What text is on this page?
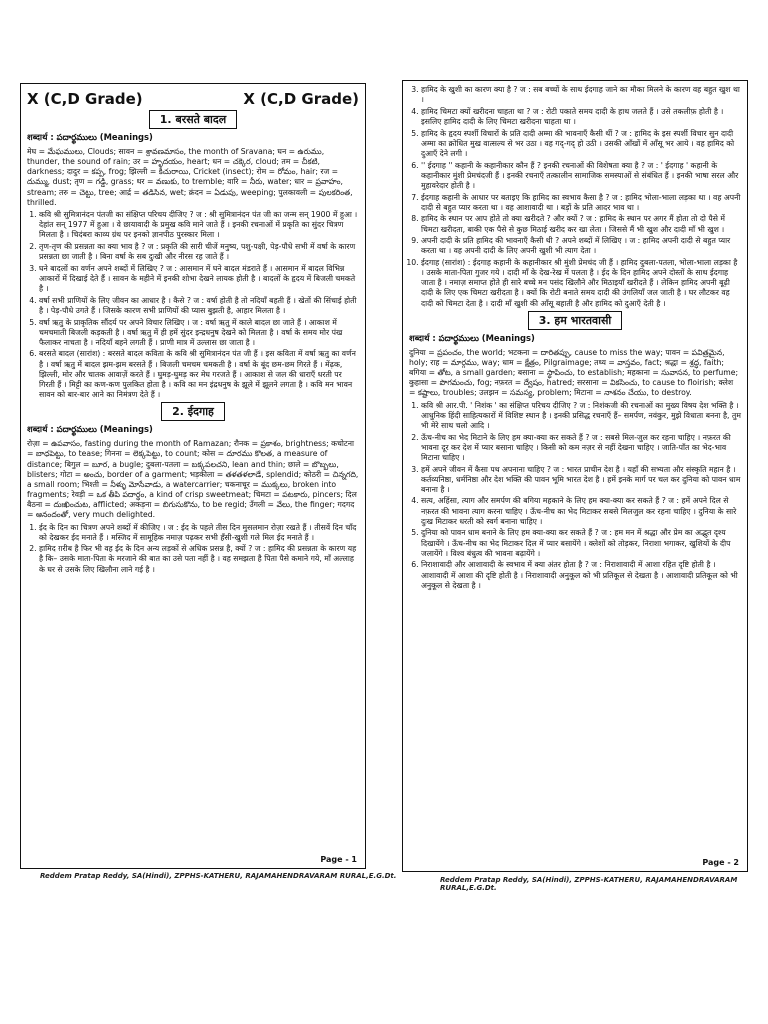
X (C,D Grade)	X (C,D Grade)
1. बरसते बादल
शब्दार्थ : పదార్థములు (Meanings)

मेघ = మేఘములు, Clouds; सावन = శ్రావణమాసం, the month of Sravana; घन = ఉరుము, thunder, the sound of rain; उर = హృదయం, heart; धन = చక్కెర, cloud; तम = చీకటి, darkness; दादुर = కప్ప, frog; झिल्ली = కీచురాయి, Cricket (insect); रोम = రోమం, hair; रज = దుమ్ము, dust; तृण = గడ్డి, grass; थर = వణుకు, to tremble; वारि = నీరు, water; धार = ప్రవాహం, stream; तरु = చెట్టు, tree; आर्द्र = తడిసిన, wet; क्रंदन = ఏడుపు, weeping; पुलकावली = పులకరింత, thrilled.

1. कवि श्री सुमित्रानंदन पंतजी का संक्षिप्त परिचय दीजिए ? ज : श्री सुमित्रानंदन पंत जी का जन्म सन् 1900 में हुआ । देहांत सन् 1977 में हुआ । वे छायावादी के प्रमुख कवि माने जाते हैं । इनकी रचनाओं में प्रकृति का सुंदर चित्रण मिलता है । चिदंबरा काव्य ग्रंथ पर इनको ज्ञानपीठ पुरस्कार मिला ।
2. तृण-तृण की प्रसन्नता का क्या भाव है ? ज : प्रकृति की सारी चीजें मनुष्य, पशु-पक्षी, पेड़-पौधे सभी में वर्षा के कारण प्रसन्नता छा जाती है । बिना वर्षा के सब दुःखी और नीरस रह जाते हैं ।
3. घने बादलों का वर्णन अपने शब्दों में लिखिए ? ज : आसमान में घने बादल मंडराते हैं । आसमान में बादल विभिन्न आकारों में दिखाई देते हैं । सावन के महीने में इनकी शोभा देखने लायक होती है । बादलों के हृदय में बिजली चमकते है ।
4. वर्षा सभी प्राणियों के लिए जीवन का आधार है । कैसे ? ज : वर्षा होती है तो नदियाँ बहती हैं । खेतों की सिंचाई होती है । पेड़-पौधे उगते हैं । जिसके कारण सभी प्राणियों की प्यास बुझती है, आहार मिलता है ।
5. वर्षा ऋतु के प्राकृतिक सौंदर्य पर अपने विचार लिखिए । ज : वर्षा ऋतु में काले बादल छा जाते हैं । आकाश में चमचमाती बिजली कड़कती है । वर्षा ऋतु में ही हमें सुंदर इन्द्रधनुष देखने को मिलता है । वर्षा के समय मोर पंख फैलाकर नाचता है । नदियाँ बहने लगती हैं । प्राणी मात्र में उल्लास छा जाता है ।
6. बरसते बादल (सारांश) : बरसते बादल कविता के कवि श्री सुमित्रानंदन पंत जी हैं । इस कविता में वर्षा ऋतु का वर्णन है । वर्षा ऋतु में बादल झम-झम बरसते हैं । बिजली चमचम चमकती है । वर्षा के बूंद छम-छम गिरते हैं । मेंढ़क, झिल्ली, मोर और चातक आवाज़ें करते हैं । घुमड़-घुमड़ कर मेघ गरजते हैं । आकाश से जल की धाराएँ धरती पर गिरती हैं । मिट्टी का कण-कण पुलकित होता है । कवि का मन इंद्रधनुष के झूले में झूलने लगता है । कवि मन भावन सावन को बार-बार आने का निमंत्रण देते हैं ।
2. ईदगाह
शब्दार्थ : పదార్థములు (Meanings)

रोज़ा = ఉపవాసం, fasting during the month of Ramazan; रौनक = ప్రకాశం, brightness; कचोटना = బాధపెట్టు, to tease; गिनना = లెక్కపెట్టు, to count; कोस = దూరము కొలత, a measure of distance; बिगुल = బూర, a bugle; दुबला-पतला = బక్కపలచని, lean and thin; छाले = బొబ్బలు, blisters; गोटा = అంచు, border of a garment; भड़कीला = తళతళలాడే, splendid; कोठरी = చిన్నగది, a small room; भिश्ती = నీళ్ళు మోసేవాడు, a watercarrier; चकनाचूर = ముక్కలు, broken into fragments; रेवड़ी = ఒక తీపి పదార్థం, a kind of crisp sweetmeat; चिमटा = పటకారు, pincers; दिल बैठना = దుఃఖించుట, afflicted; अकड़ना = బిగుసుకొను, to be regid; उँगली = వేలు, the finger; गदगद = ఆనందంతో, very much delighted.

1. ईद के दिन का चित्रण अपने शब्दों में कीजिए । ज : ईद के पहले तीस दिन मुसलमान रोज़ा रखते हैं । तीसवें दिन चाँद को देखकर ईद मनाते हैं । मस्जिद में सामूहिक नमाज़ पढ़कर सभी हँसी-खुशी गले मिल ईद मनाते हैं ।
2. हामिद ग़रीब है फिर भी वह ईद के दिन अन्य लड़कों से अधिक प्रसन्न है, क्यों ? ज : हामिद की प्रसन्नता के कारण यह है कि– उसके माता-पिता के मरजाने की बात का उसे पता नहीं है । वह समझता है पिता पैसे कमाने गये, माँ अल्लाह के घर से उसके लिए खिलौना लाने गई है ।
Page - 1
Reddem Pratap Reddy, SA(Hindi), ZPPHS-KATHERU, RAJAMAHENDRAVARAM RURAL,E.G.Dt.
3. हामिद के खुशी का कारण क्या है ? ज : सब बच्चों के साथ ईदगाह जाने का मौका मिलने के कारण वह बहुत खुश था ।
4. हामिद चिमटा क्यों खरीदना चाहता था ? ज : रोटी पकाते समय दादी के हाथ जलते हैं । उसे तकलीफ़ होती है । इसलिए हामिद दादी के लिए चिमटा खरीदना चाहता था ।
5. हामिद के हृदय स्पर्शी विचारों के प्रति दादी अम्मा की भावनाएँ कैसी थीं ? ज : हामिद के इस स्पर्शी विचार सुन दादी अम्मा का क्रोधित मुख वात्सल्य से भर उठा । वह गद्‌-गद्‌ हो उठी । उसकी आँखों में आँसू भर आये । वह हामिद को दुआएँ देने लगी ।
6. '' ईदगाह '' कहानी के कहानीकार कौन हैं ? इनकी रचनाओं की विशेषता क्या है ? ज : ' ईदगाह ' कहानी के कहानीकार मुंशी प्रेमचंदजी हैं । इनकी रचनाएँ तत्कालीन सामाजिक समस्याओं से संबंधित हैं । इनकी भाषा सरल और मुहावरेदार होती है ।
7. ईदगाह कहानी के आधार पर बताइए कि हामिद का स्वभाव कैसा है ? ज : हामिद भोला-भाला लड़का था । वह अपनी दादी से बहुत प्यार करता था । वह आशावादी था । बड़ों के प्रति आदर भाव था ।
8. हामिद के स्थान पर आप होते तो क्या खरीदते ? और क्यों ? ज : हामिद के स्थान पर अगर मैं होता तो दो पैसे में चिमटा खरीदता, बाकी एक पैसे से कुछ मिठाई खरीद कर खा लेता । जिससे मैं भी खुश और दादी माँ भी खुश ।
9. अपनी दादी के प्रति हामिद की भावनाएँ कैसी थी ? अपने शब्दों में लिखिए । ज : हामिद अपनी दादी से बहुत प्यार करता था । वह अपनी दादी के लिए अपनी खुशी भी त्याग देता ।
10. ईदगाह (सारांश) : ईदगाह कहानी के कहानीकार श्री मुंशी प्रेमचंद जी हैं । हामिद दुबला-पतला, भोला-भाला लड़का है । उसके माता-पिता गुजर गये । दादी माँ के देख-रेख में पलता है । ईद के दिन हामिद अपने दोस्तों के साथ ईदगाह जाता है । नमाज़ समाप्त होते ही सारे बच्चे मन पसंद खिलौने और मिठाइयाँ खरीदते हैं । लेकिन हामिद अपनी बूढ़ी दादी के लिए एक चिमटा खरीदता है । क्यों कि रोटी बनाते समय दादी की उंगलियाँ जल जाती है । घर लौटकर वह दादी को चिमटा देता है । दादी माँ खुशी की आँसू बहाती है और हामिद को दुआएँ देती है ।
3. हम भारतवासी
शब्दार्थ : పదార్థములు (Meanings)

दुनिया = ప్రపంచం, the world; भटकना = దారితప్పు, cause to miss the way; पावन = పవిత్రమైన, holy; राह = మార్గము, way; धाम = క్షేత్రం, Pilgraimage; तथ्य = వాస్తవం, fact; श्रद्धा = శ్రద్ధ, faith; बगिया = తోట, a small garden; बसाना = స్థాపించు, to establish; महकाना = సువాసన, to perfume; कुहासा = పొగమంచు, fog; नफ़रत = ద్వేషం, hatred; सरसाना = వికసించు, to cause to floirish; क्लेश = కష్టాలు, troubles; उलझन = సమస్య, problem; मिटाना = నాశనం చేయు, to destroy.

1. कवि श्री आर.पी. ' निशंक ' का संक्षिप्त परिचय दीजिए ? ज : निशंकजी की रचनाओं का मुख्य विषय देश भक्ति है । आधुनिक हिंदी साहित्यकारों में विशिष्ट स्थान है । इनकी प्रसिद्ध रचनाएँ हैं– समर्पण, नवंकुर, मुझे विधाता बनना है, तुम भी मेरे साथ चलो आदि ।
2. ऊँच-नीच का भेद मिटाने के लिए हम क्या-क्या कर सकते हैं ? ज : सबसे मिल-जुल कर रहना चाहिए । नफ़रत की भावना दूर कर देश में प्यार बसाना चाहिए । किसी को कम नज़र से नहीं देखना चाहिए । जाति-पाँत का भेद-भाव मिटाना चाहिए ।
3. हमें अपने जीवन में कैसा पथ अपनाना चाहिए ? ज : भारत प्राचीन देश है । यहाँ की सभ्यता और संस्कृति महान है । कर्तव्यनिष्ठा, धर्मनिष्ठा और देश भक्ति की पावन भूमि भारत देश है । हमें इनके मार्ग पर चल कर दुनिया को पावन धाम बनाना है ।
4. सत्य, अहिंसा, त्याग और समर्पण की बगिया महकाने के लिए हम क्या-क्या कर सकते हैं ? ज : हमें अपने दिल से नफ़रत की भावना त्याग करना चाहिए । ऊँच-नीच का भेद मिटाकर सबसे मिलजुल कर रहना चाहिए । दुनिया के सारे दुःख मिटाकर धरती को स्वर्ग बनाना चाहिए ।
5. दुनिया को पावन धाम बनाने के लिए हम क्या-क्या कर सकते हैं ? ज : हम मन में श्रद्धा और प्रेम का अद्भुत दृश्य दिखायेंगे । ऊँच-नीच का भेद मिटाकर दिल में प्यार बसायेंगे । क्लेशों को तोड़कर, निराशा भगाकर, खुशियों के दीप जलायेंगे । विश्व बंधुत्व की भावना बढ़ायेंगे ।
6. निराशावादी और आशावादी के स्वभाव में क्या अंतर होता है ? ज : निराशावादी में आशा रहित दृष्टि होती है । आशावादी में आशा की दृष्टि होती है । निराशावादी अनुकूल को भी प्रतिकूल से देखता है । आशावादी प्रतिकूल को भी अनुकूल से देखता है ।
Page - 2
Reddem Pratap Reddy, SA(Hindi), ZPPHS-KATHERU, RAJAMAHENDRAVARAM RURAL,E.G.Dt.
